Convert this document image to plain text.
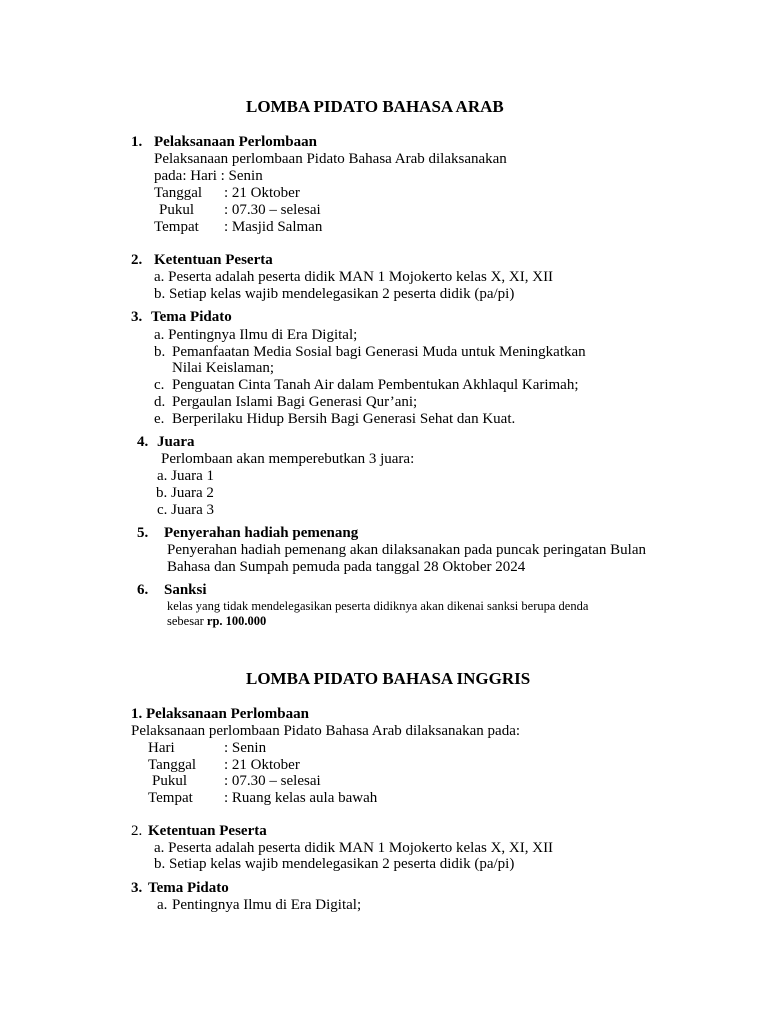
LOMBA PIDATO BAHASA ARAB
1. Pelaksanaan Perlombaan
Pelaksanaan perlombaan Pidato Bahasa Arab dilaksanakan
pada: Hari : Senin
Tanggal : 21 Oktober
Pukul : 07.30 – selesai
Tempat : Masjid Salman
2. Ketentuan Peserta
a. Peserta adalah peserta didik MAN 1 Mojokerto kelas X, XI, XII
b. Setiap kelas wajib mendelegasikan 2 peserta didik (pa/pi)
3. Tema Pidato
a. Pentingnya Ilmu di Era Digital;
b. Pemanfaatan Media Sosial bagi Generasi Muda untuk Meningkatkan
Nilai Keislaman;
c. Penguatan Cinta Tanah Air dalam Pembentukan Akhlaqul Karimah;
d. Pergaulan Islami Bagi Generasi Qur’ani;
e. Berperilaku Hidup Bersih Bagi Generasi Sehat dan Kuat.
4. Juara
Perlombaan akan memperebutkan 3 juara:
a. Juara 1
b. Juara 2
c. Juara 3
5. Penyerahan hadiah pemenang
Penyerahan hadiah pemenang akan dilaksanakan pada puncak peringatan Bulan
Bahasa dan Sumpah pemuda pada tanggal 28 Oktober 2024
6. Sanksi
kelas yang tidak mendelegasikan peserta didiknya akan dikenai sanksi berupa denda
sebesar rp. 100.000
LOMBA PIDATO BAHASA INGGRIS
1. Pelaksanaan Perlombaan
Pelaksanaan perlombaan Pidato Bahasa Arab dilaksanakan pada:
Hari	: Senin
Tanggal : 21 Oktober
Pukul : 07.30 – selesai
Tempat : Ruang kelas aula bawah
2. Ketentuan Peserta
a. Peserta adalah peserta didik MAN 1 Mojokerto kelas X, XI, XII
b. Setiap kelas wajib mendelegasikan 2 peserta didik (pa/pi)
3. Tema Pidato
a. Pentingnya Ilmu di Era Digital;
